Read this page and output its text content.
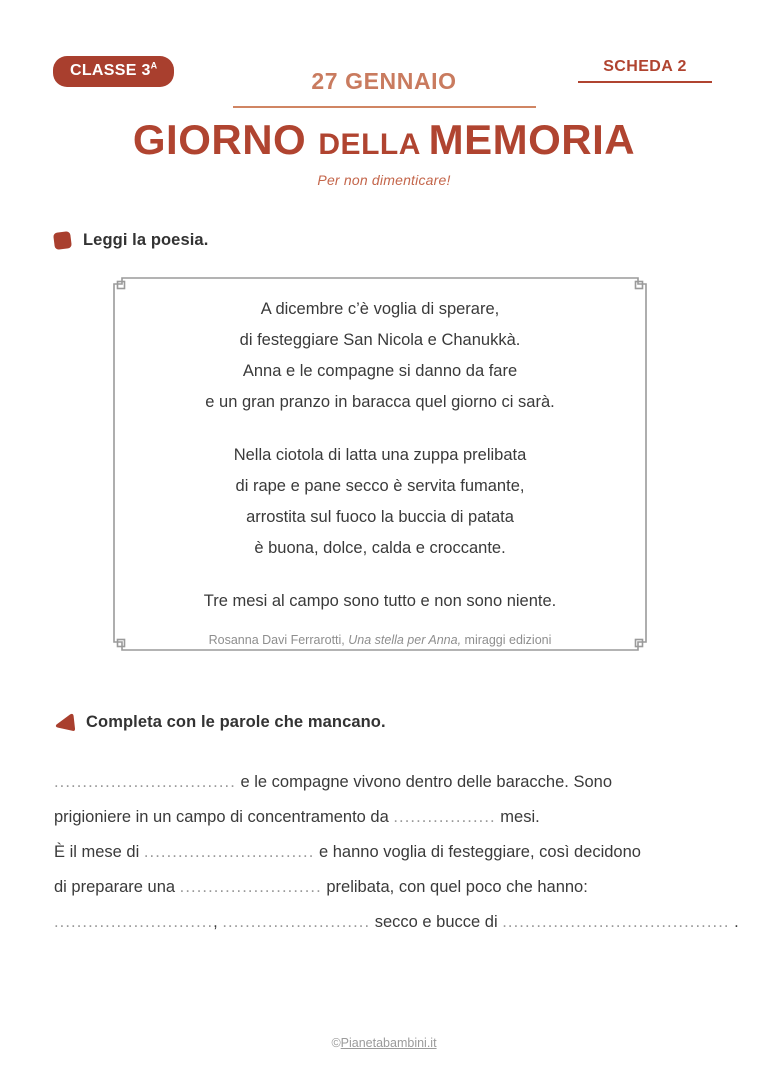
CLASSE $3^A$	SCHEDA 2
27 GENNAIO
GIORNO DELLA MEMORIA
Per non dimenticare!
Leggi la poesia.
A dicembre c’è voglia di sperare,
di festeggiare San Nicola e Chanukkà.
Anna e le compagne si danno da fare
e un gran pranzo in baracca quel giorno ci sarà.
Nella ciotola di latta una zuppa prelibata
di rape e pane secco è servita fumante,
arrostita sul fuoco la buccia di patata
è buona, dolce, calda e croccante.
Tre mesi al campo sono tutto e non sono niente.
Rosanna Davi Ferrarotti, Una stella per Anna, miraggi edizioni
Completa con le parole che mancano.
................................ e le compagne vivono dentro delle baracche. Sono
prigioniere in un campo di concentramento da .................. mesi.
È il mese di .............................. e hanno voglia di festeggiare, così decidono
di preparare una ......................... prelibata, con quel poco che hanno:
............................, .......................... secco e bucce di ........................................ .
©Pianetabambini.it
